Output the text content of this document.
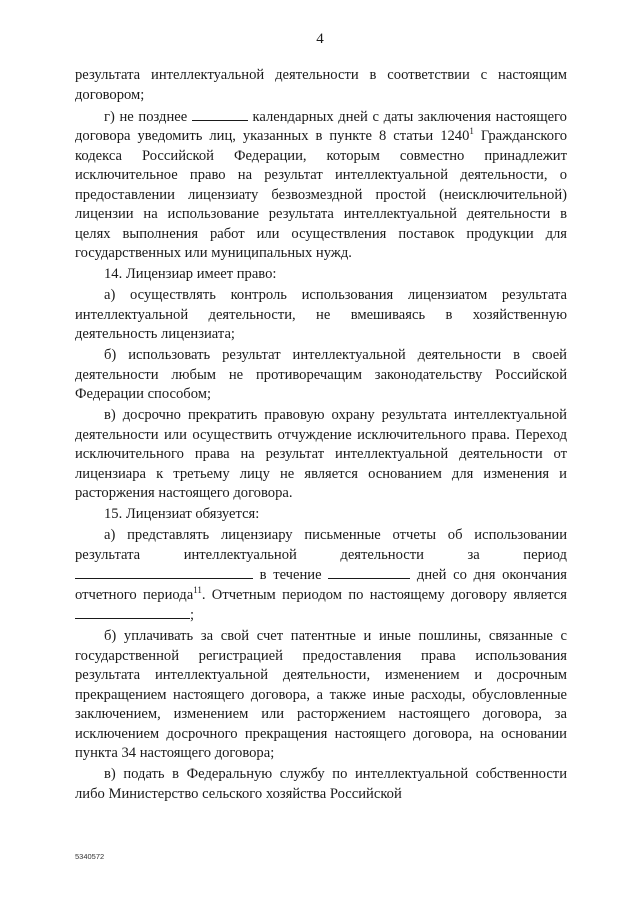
4

результата интеллектуальной деятельности в соответствии с настоящим договором;

г) не позднее	календарных дней с даты заключения настоящего договора уведомить лиц, указанных в пункте 8 статьи 1240$^1$ Гражданского кодекса Российской Федерации, которым совместно принадлежит исключительное право на результат интеллектуальной деятельности, о предоставлении лицензиату безвозмездной простой (неисключительной) лицензии на использование результата интеллектуальной деятельности в целях выполнения работ или осуществления поставок продукции для государственных или муниципальных нужд.

14. Лицензиар имеет право:

а) осуществлять контроль использования лицензиатом результата интеллектуальной деятельности, не вмешиваясь в хозяйственную деятельность лицензиата;

б) использовать результат интеллектуальной деятельности в своей деятельности любым не противоречащим законодательству Российской Федерации способом;

в) досрочно прекратить правовую охрану результата интеллектуальной деятельности или осуществить отчуждение исключительного права. Переход исключительного права на результат интеллектуальной деятельности от лицензиара к третьему лицу не является основанием для изменения и расторжения настоящего договора.

15. Лицензиат обязуется:

а) представлять лицензиару письменные отчеты об использовании результата интеллектуальной деятельности за период  в течение	дней со дня окончания отчетного периода$^{11}$. Отчетным периодом по настоящему договору является ;

б) уплачивать за свой счет патентные и иные пошлины, связанные с государственной регистрацией предоставления права использования результата интеллектуальной деятельности, изменением и досрочным прекращением настоящего договора, а также иные расходы, обусловленные заключением, изменением или расторжением настоящего договора, за исключением досрочного прекращения настоящего договора, на основании пункта 34 настоящего договора;

в) подать в Федеральную службу по интеллектуальной собственности либо Министерство сельского хозяйства Российской

5340572
